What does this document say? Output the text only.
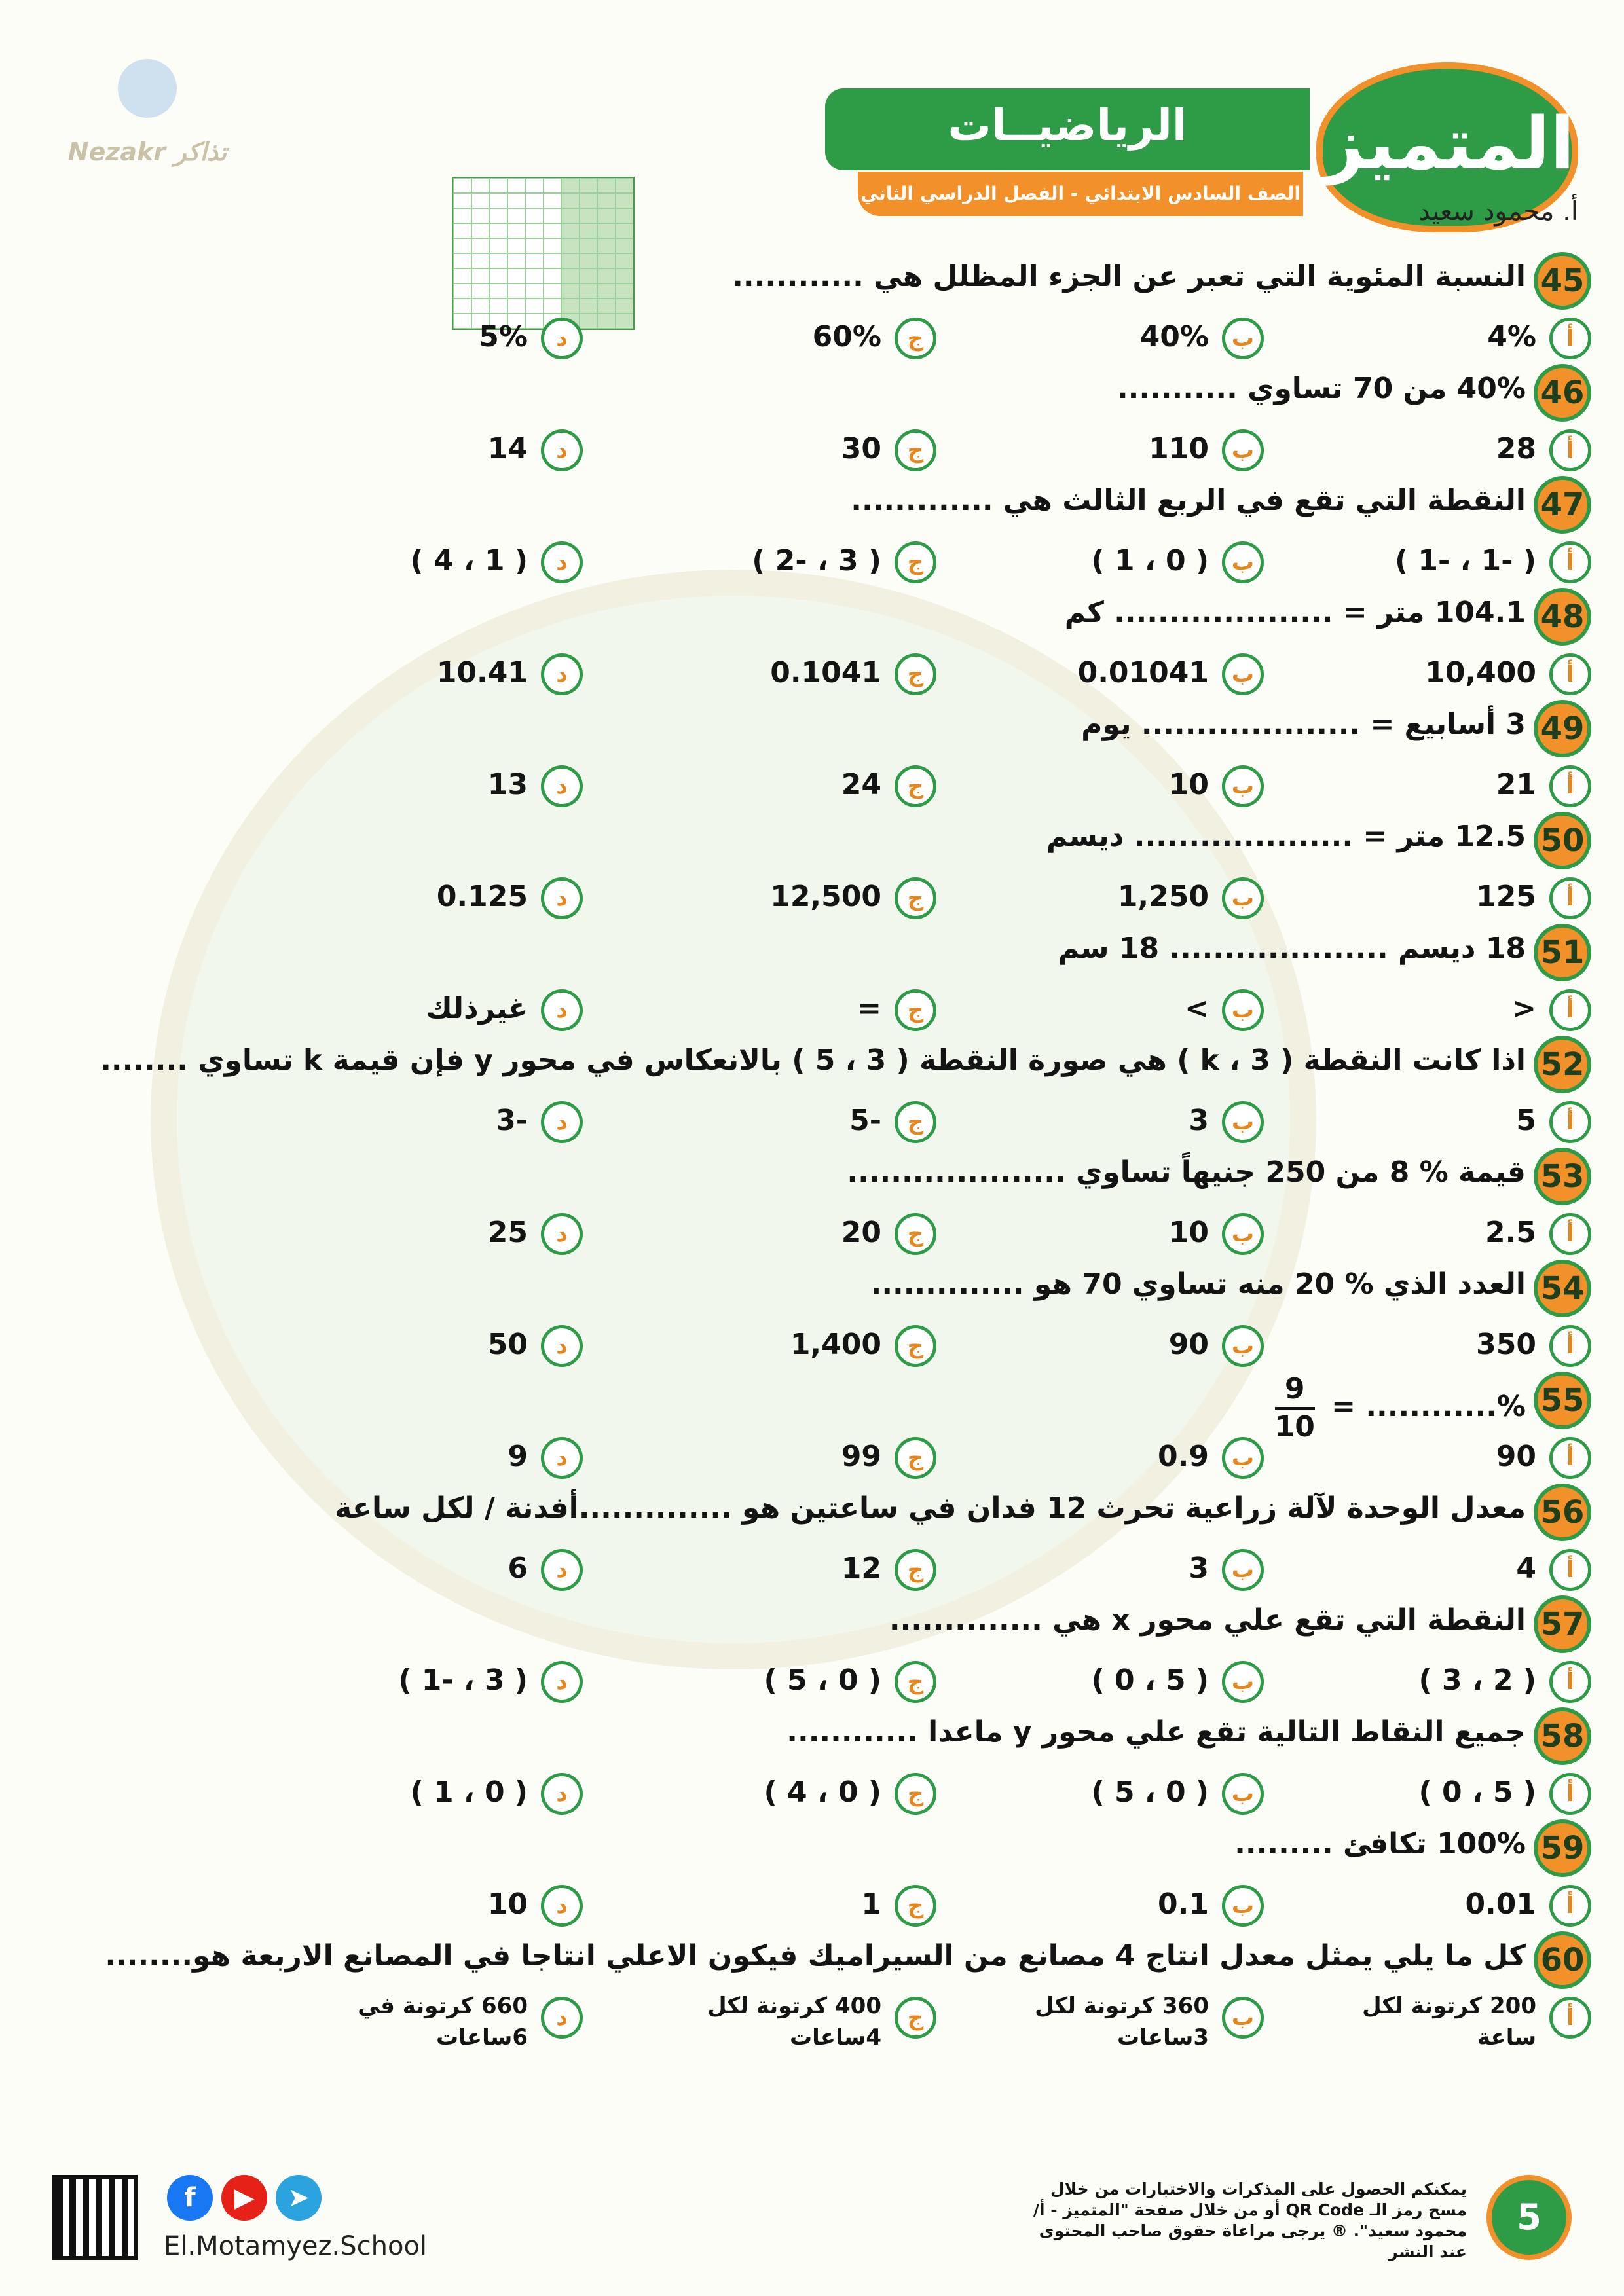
Nezakr تذاكر
الرياضيــات
الصف السادس الابتدائي - الفصل الدراسي الثاني
المتميز
أ. محمود سعيد
45
النسبة المئوية التي تعبر عن الجزء المظلل هي ............
أ
4%
ب
40%
ج
60%
د
5%
46
40% من 70 تساوي ...........
أ
28
ب
110
ج
30
د
14
47
النقطة التي تقع في الربع الثالث هي .............
أ
( -1 ، -1 )
ب
( 0 ، 1 )
ج
( 3 ، -2 )
د
( 1 ، 4 )
48
104.1 متر = .................... كم
أ
10,400
ب
0.01041
ج
0.1041
د
10.41
49
3 أسابيع = .................... يوم
أ
21
ب
10
ج
24
د
13
50
12.5 متر = .................... ديسم
أ
125
ب
1,250
ج
12,500
د
0.125
51
18 ديسم .................... 18 سم
أ
<
ب
>
ج
=
د
غيرذلك
52
اذا كانت النقطة ( k ، 3 ) هي صورة النقطة ( 3 ، 5 ) بالانعكاس في محور y فإن قيمة k تساوي ........
أ
5
ب
3
ج
-5
د
-3
53
قيمة % 8 من 250 جنيهاً تساوي ....................
أ
2.5
ب
10
ج
20
د
25
54
العدد الذي % 20 منه تساوي 70 هو ..............
أ
350
ب
90
ج
1,400
د
50
55
$\frac{9}{10}$ = ............%
أ
90
ب
0.9
ج
99
د
9
56
معدل الوحدة لآلة زراعية تحرث 12 فدان في ساعتين هو ..............أفدنة / لكل ساعة
أ
4
ب
3
ج
12
د
6
57
النقطة التي تقع علي محور x هي ..............
أ
( 2 ، 3 )
ب
( 5 ، 0 )
ج
( 0 ، 5 )
د
( 3 ، -1 )
58
جميع النقاط التالية تقع علي محور y ماعدا ............
أ
( 5 ، 0 )
ب
( 0 ، 5 )
ج
( 0 ، 4 )
د
( 0 ، 1 )
59
100% تكافئ .........
أ
0.01
ب
0.1
ج
1
د
10
60
كل ما يلي يمثل معدل انتاج 4 مصانع من السيراميك فيكون الاعلي انتاجا في المصانع الاربعة هو........
أ
200 كرتونة لكل ساعة
ب
360 كرتونة لكل 3ساعات
ج
400 كرتونة لكل 4ساعات
د
660 كرتونة في 6ساعات
f ▶ ➤
El.Motamyez.School
يمكنكم الحصول على المذكرات والاختبارات من خلال مسح رمز الـ QR Code أو من خلال صفحة "المتميز - أ/ محمود سعيد". ® يرجى مراعاة حقوق صاحب المحتوى عند النشر
5
